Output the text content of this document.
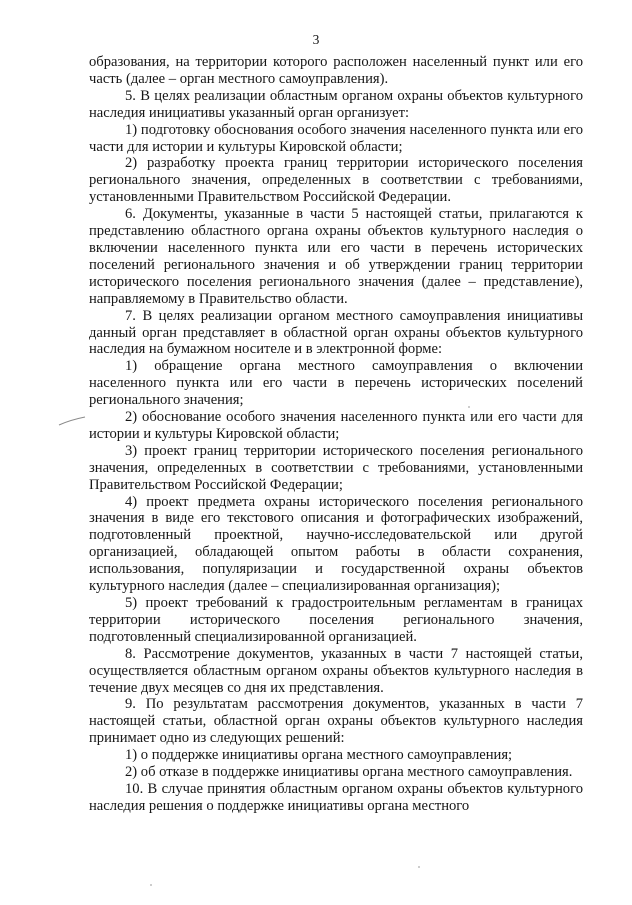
3

образования, на территории которого расположен населенный пункт или его часть (далее – орган местного самоуправления).

5. В целях реализации областным органом охраны объектов культурного наследия инициативы указанный орган организует:

1) подготовку обоснования особого значения населенного пункта или его части для истории и культуры Кировской области;

2) разработку проекта границ территории исторического поселения регионального значения, определенных в соответствии с требованиями, установленными Правительством Российской Федерации.

6. Документы, указанные в части 5 настоящей статьи, прилагаются к представлению областного органа охраны объектов культурного наследия о включении населенного пункта или его части в перечень исторических поселений регионального значения и об утверждении границ территории исторического поселения регионального значения (далее – представление), направляемому в Правительство области.

7. В целях реализации органом местного самоуправления инициативы данный орган представляет в областной орган охраны объектов культурного наследия на бумажном носителе и в электронной форме:

1) обращение органа местного самоуправления о включении населенного пункта или его части в перечень исторических поселений регионального значения;

2) обоснование особого значения населенного пункта или его части для истории и культуры Кировской области;

3) проект границ территории исторического поселения регионального значения, определенных в соответствии с требованиями, установленными Правительством Российской Федерации;

4) проект предмета охраны исторического поселения регионального значения в виде его текстового описания и фотографических изображений, подготовленный проектной, научно-исследовательской или другой организацией, обладающей опытом работы в области сохранения, использования, популяризации и государственной охраны объектов культурного наследия (далее – специализированная организация);

5) проект требований к градостроительным регламентам в границах территории исторического поселения регионального значения, подготовленный специализированной организацией.

8. Рассмотрение документов, указанных в части 7 настоящей статьи, осуществляется областным органом охраны объектов культурного наследия в течение двух месяцев со дня их представления.

9. По результатам рассмотрения документов, указанных в части 7 настоящей статьи, областной орган охраны объектов культурного наследия принимает одно из следующих решений:

1) о поддержке инициативы органа местного самоуправления;

2) об отказе в поддержке инициативы органа местного самоуправления.

10. В случае принятия областным органом охраны объектов культурного наследия решения о поддержке инициативы органа местного
